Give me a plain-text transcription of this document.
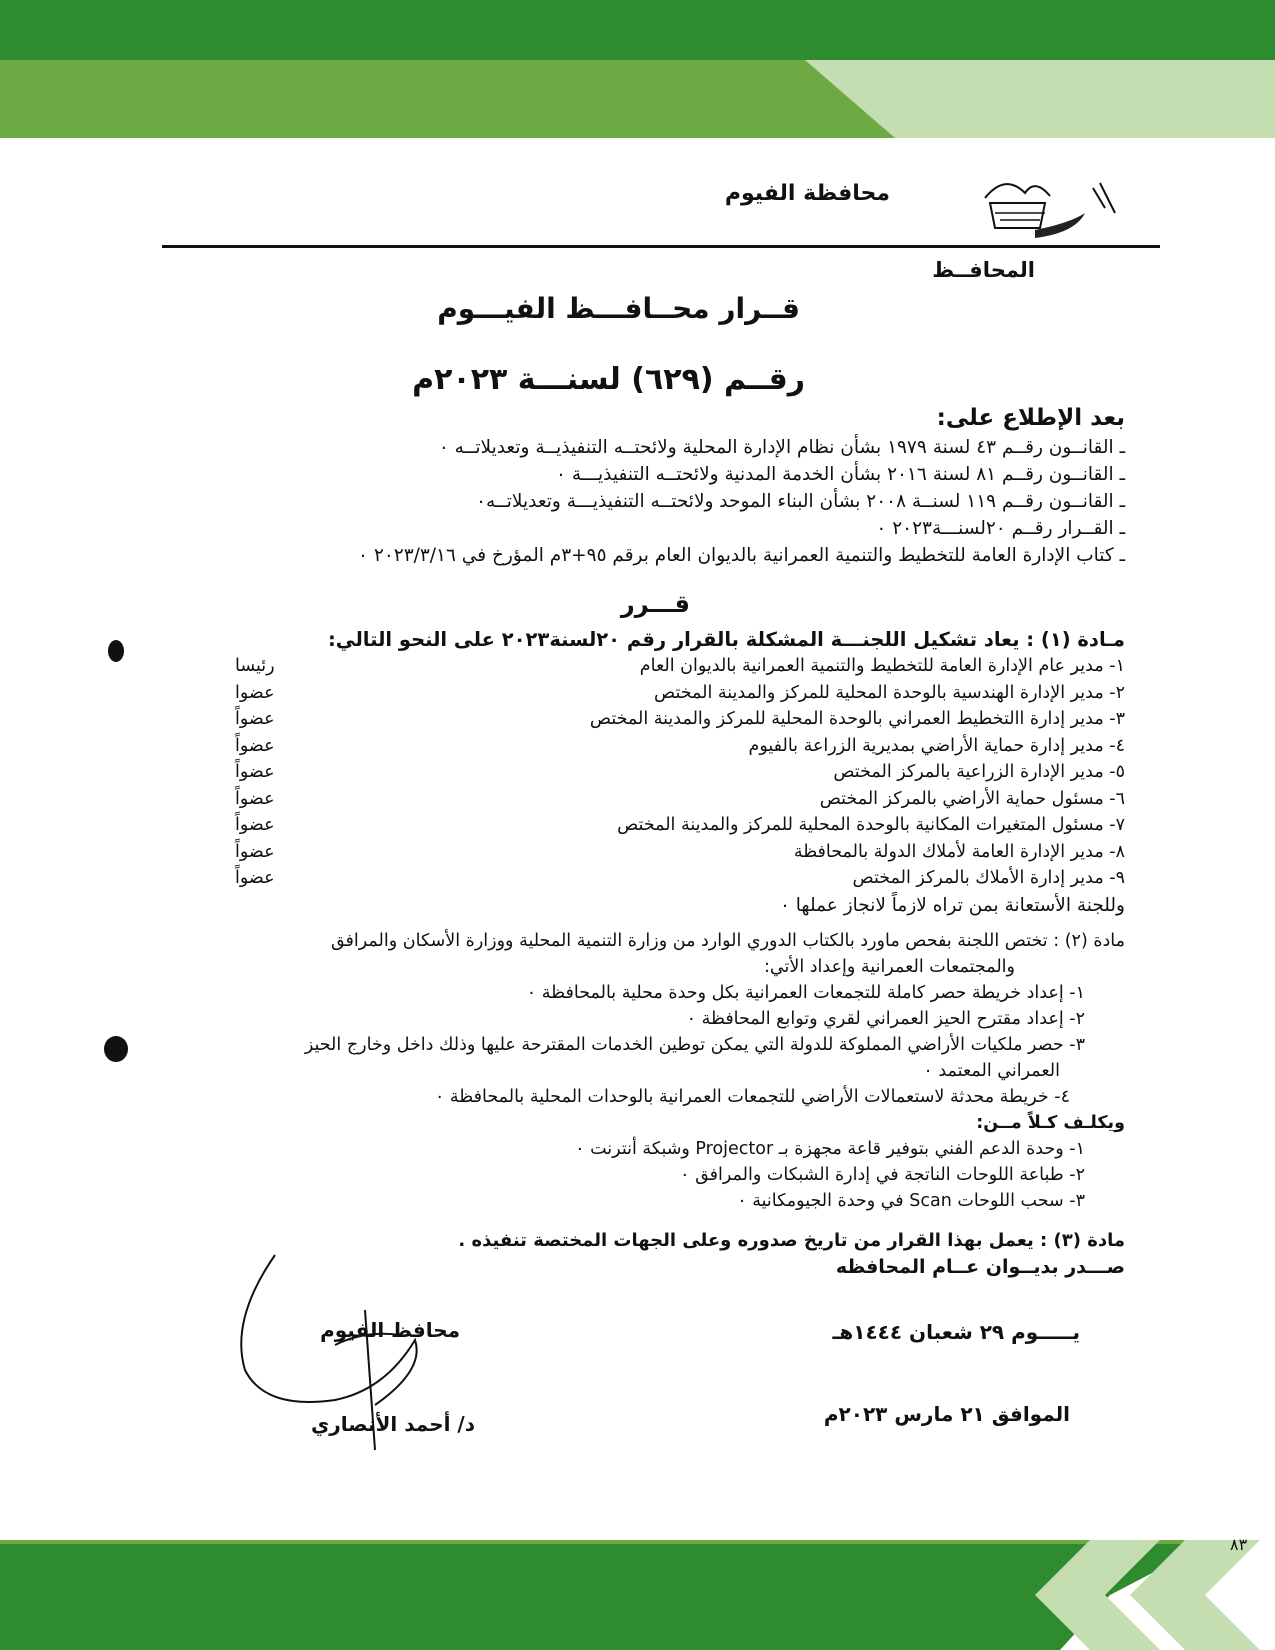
٨٣
محافظة الفيوم
المحافــظ
قــرار محــافـــظ الفيـــوم
رقــم (٦٢٩) لسنـــة ٢٠٢٣م
بعد الإطلاع على:
ـ القانــون رقــم ٤٣ لسنة ١٩٧٩ بشأن نظام الإدارة المحلية ولائحتــه التنفيذيــة وتعديلاتــه ٠
ـ القانــون رقــم ٨١ لسنة ٢٠١٦ بشأن الخدمة المدنية ولائحتــه التنفيذيـــة ٠
ـ القانــون رقــم ١١٩ لسنــة ٢٠٠٨ بشأن البناء الموحد ولائحتــه التنفيذيـــة وتعديلاتــه٠
ـ القــرار رقــم ٢٠لسنـــة٢٠٢٣ ٠
ـ كتاب الإدارة العامة للتخطيط والتنمية العمرانية بالديوان العام برقم ٩٥+٣م المؤرخ في ٢٠٢٣/٣/١٦ ٠
قـــرر
مـادة (١) : يعاد تشكيل اللجنـــة المشكلة بالقرار رقم ٢٠لسنة٢٠٢٣ على النحو التالي:
١- مدير عام الإدارة العامة للتخطيط والتنمية العمرانية بالديوان العام
رئيسا
٢- مدير الإدارة الهندسية بالوحدة المحلية للمركز والمدينة المختص
عضوا
٣- مدير إدارة االتخطيط العمراني بالوحدة المحلية للمركز والمدينة المختص
عضواً
٤- مدير إدارة حماية الأراضي بمديرية الزراعة بالفيوم
عضواً
٥- مدير الإدارة الزراعية بالمركز المختص
عضواً
٦- مسئول حماية الأراضي بالمركز المختص
عضواً
٧- مسئول المتغيرات المكانية بالوحدة المحلية للمركز والمدينة المختص
عضواً
٨- مدير الإدارة العامة لأملاك الدولة بالمحافظة
عضواً
٩- مدير إدارة الأملاك بالمركز المختص
عضواً
وللجنة الأستعانة بمن تراه لازماً لانجاز عملها ٠
مادة (٢) : تختص اللجنة بفحص ماورد بالكتاب الدوري الوارد من وزارة التنمية المحلية ووزارة الأسكان والمرافق
والمجتمعات العمرانية وإعداد الأتي:
١- إعداد خريطة حصر كاملة للتجمعات العمرانية بكل وحدة محلية بالمحافظة ٠
٢- إعداد مقترح الحيز العمراني لقري وتوابع المحافظة ٠
٣- حصر ملكيات الأراضي المملوكة للدولة التي يمكن توطين الخدمات المقترحة عليها وذلك داخل وخارج الحيز
العمراني المعتمد ٠
٤- خريطة محدثة لاستعمالات الأراضي للتجمعات العمرانية بالوحدات المحلية بالمحافظة ٠
ويكلـف كـلاً مــن:
١- وحدة الدعم الفني بتوفير قاعة مجهزة بـ Projector وشبكة أنترنت ٠
٢- طباعة اللوحات الناتجة في إدارة الشبكات والمرافق ٠
٣- سحب اللوحات Scan في وحدة الجيومكانية ٠
مادة (٣) : يعمل بهذا القرار من تاريخ صدوره وعلى الجهات المختصة تنفيذه .
صـــدر بديــوان عــام المحافظه
يـــــوم ٢٩ شعبان ١٤٤٤هـ
الموافق ٢١ مارس ٢٠٢٣م
محافظ الفيوم
د/ أحمد الأنصاري
